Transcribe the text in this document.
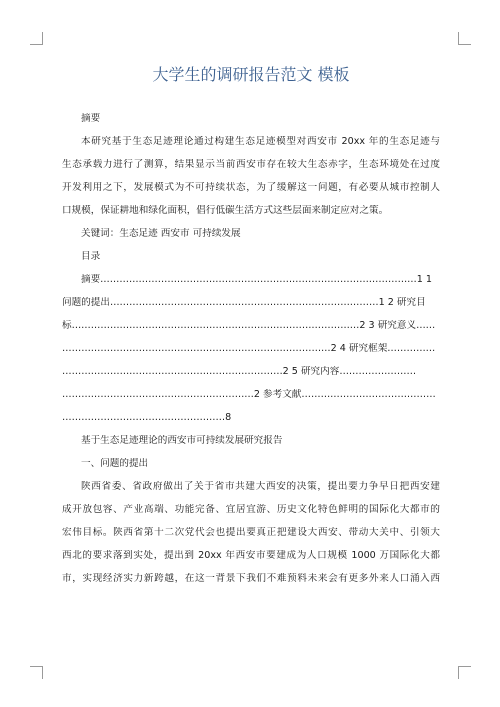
大学生的调研报告范文 模板
摘要
本研究基于生态足迹理论通过构建生态足迹模型对西安市 20xx 年的生态足迹与
生态承载力进行了测算，结果显示当前西安市存在较大生态赤字，生态环境处在过度
开发利用之下，发展模式为不可持续状态，为了缓解这一问题，有必要从城市控制人
口规模，保证耕地和绿化面积，倡行低碳生活方式这些层面来制定应对之策。
关键词：生态足迹 西安市 可持续发展
目录
摘要………………………………………………………………………………………1 1
问题的提出…………………………………………………………………………1 2 研究目
标………………………………………………………………………………2 3 研究意义……
…………………………………………………………………………2 4 研究框架……………
……………………………………………………………2 5 研究内容……………………
……………………………………………………2 参考文献……………………………………
……………………………………………8
基于生态足迹理论的西安市可持续发展研究报告
一、问题的提出
陕西省委、省政府做出了关于省市共建大西安的决策，提出要力争早日把西安建
成开放包容、产业高端、功能完备、宜居宜游、历史文化特色鲜明的国际化大都市的
宏伟目标。陕西省第十二次党代会也提出要真正把建设大西安、带动大关中、引领大
西北的要求落到实处，提出到 20xx 年西安市要建成为人口规模 1000 万国际化大都
市，实现经济实力新跨越，在这一背景下我们不难预料未来会有更多外来人口涌入西
